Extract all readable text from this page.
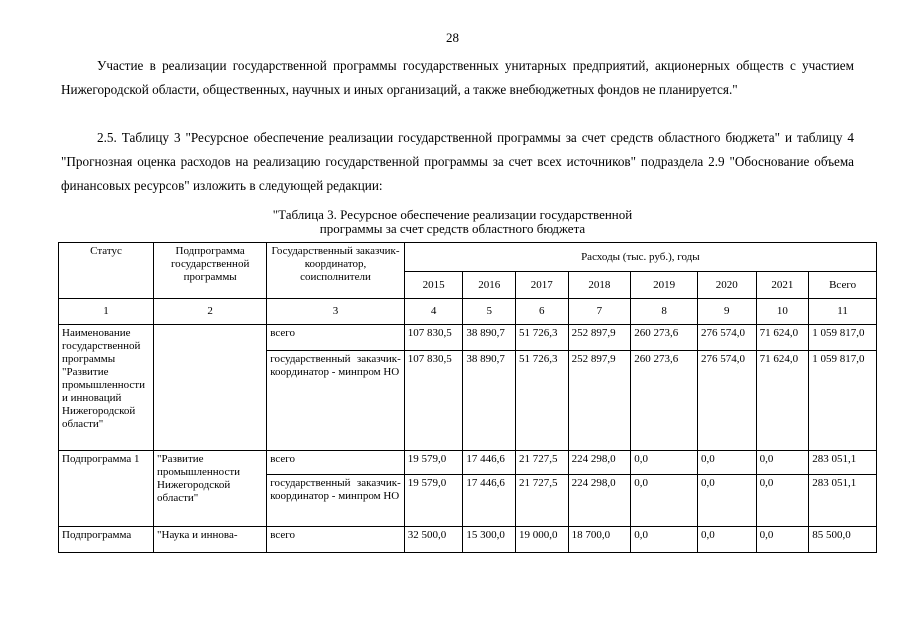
28
Участие в реализации государственной программы государственных унитарных предприятий, акционерных обществ с участием Нижегородской области, общественных, научных и иных организаций, а также внебюджетных фондов не планируется."
2.5. Таблицу 3 "Ресурсное обеспечение реализации государственной программы за счет средств областного бюджета" и таблицу 4 "Прогнозная оценка расходов на реализацию государственной программы за счет всех источников" подраздела 2.9 "Обоснование объема финансовых ресурсов" изложить в следующей редакции:
"Таблица 3. Ресурсное обеспечение реализации государственной
программы за счет средств областного бюджета
Статус	Подпрограмма государственной программы	Государственный заказчик-координатор, соисполнители	Расходы (тыс. руб.), годы							
			2015	2016	2017	2018	2019	2020	2021	Всего
1	2	3	4	5	6	7	8	9	10	11
Наименование государственной программы "Развитие промышленности и инноваций Нижегородской области"		всего	107 830,5	38 890,7	51 726,3	252 897,9	260 273,6	276 574,0	71 624,0	1 059 817,0
		государственный заказчик-координатор - минпром НО	107 830,5	38 890,7	51 726,3	252 897,9	260 273,6	276 574,0	71 624,0	1 059 817,0
Подпрограмма 1	"Развитие промышленности Нижегородской области"	всего	19 579,0	17 446,6	21 727,5	224 298,0	0,0	0,0	0,0	283 051,1
		государственный заказчик-координатор - минпром НО	19 579,0	17 446,6	21 727,5	224 298,0	0,0	0,0	0,0	283 051,1
Подпрограмма	"Наука и иннова-	всего	32 500,0	15 300,0	19 000,0	18 700,0	0,0	0,0	0,0	85 500,0
